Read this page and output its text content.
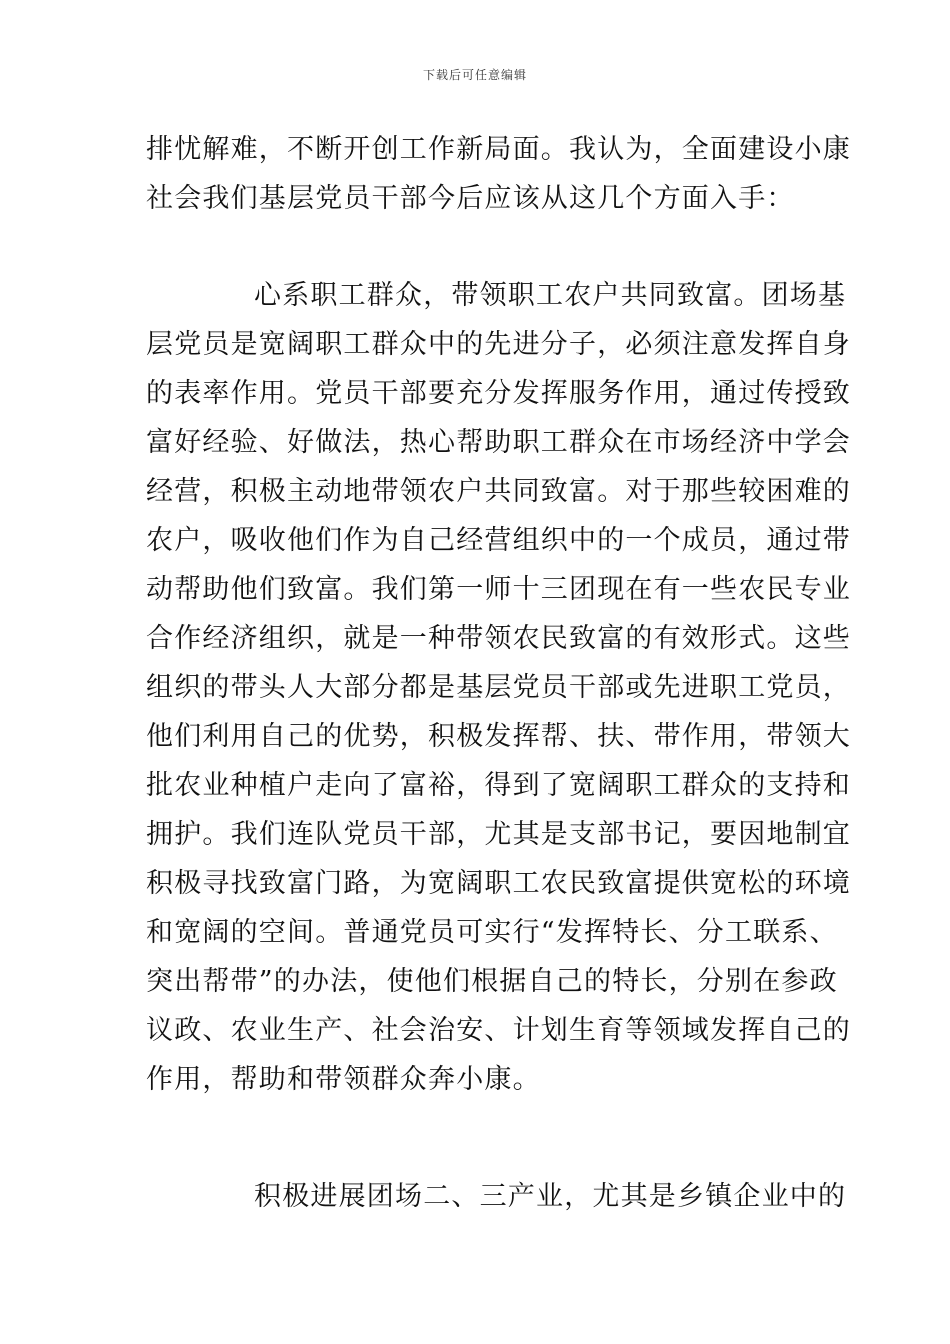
下载后可任意编辑
排忧解难，不断开创工作新局面。我认为，全面建设小康
社会我们基层党员干部今后应该从这几个方面入手：
心系职工群众，带领职工农户共同致富。团场基
层党员是宽阔职工群众中的先进分子，必须注意发挥自身
的表率作用。党员干部要充分发挥服务作用，通过传授致
富好经验、好做法，热心帮助职工群众在市场经济中学会
经营，积极主动地带领农户共同致富。对于那些较困难的
农户，吸收他们作为自己经营组织中的一个成员，通过带
动帮助他们致富。我们第一师十三团现在有一些农民专业
合作经济组织，就是一种带领农民致富的有效形式。这些
组织的带头人大部分都是基层党员干部或先进职工党员，
他们利用自己的优势，积极发挥帮、扶、带作用，带领大
批农业种植户走向了富裕，得到了宽阔职工群众的支持和
拥护。我们连队党员干部，尤其是支部书记，要因地制宜
积极寻找致富门路，为宽阔职工农民致富提供宽松的环境
和宽阔的空间。普通党员可实行“发挥特长、分工联系、
突出帮带”的办法，使他们根据自己的特长，分别在参政
议政、农业生产、社会治安、计划生育等领域发挥自己的
作用，帮助和带领群众奔小康。
积极进展团场二、三产业，尤其是乡镇企业中的
